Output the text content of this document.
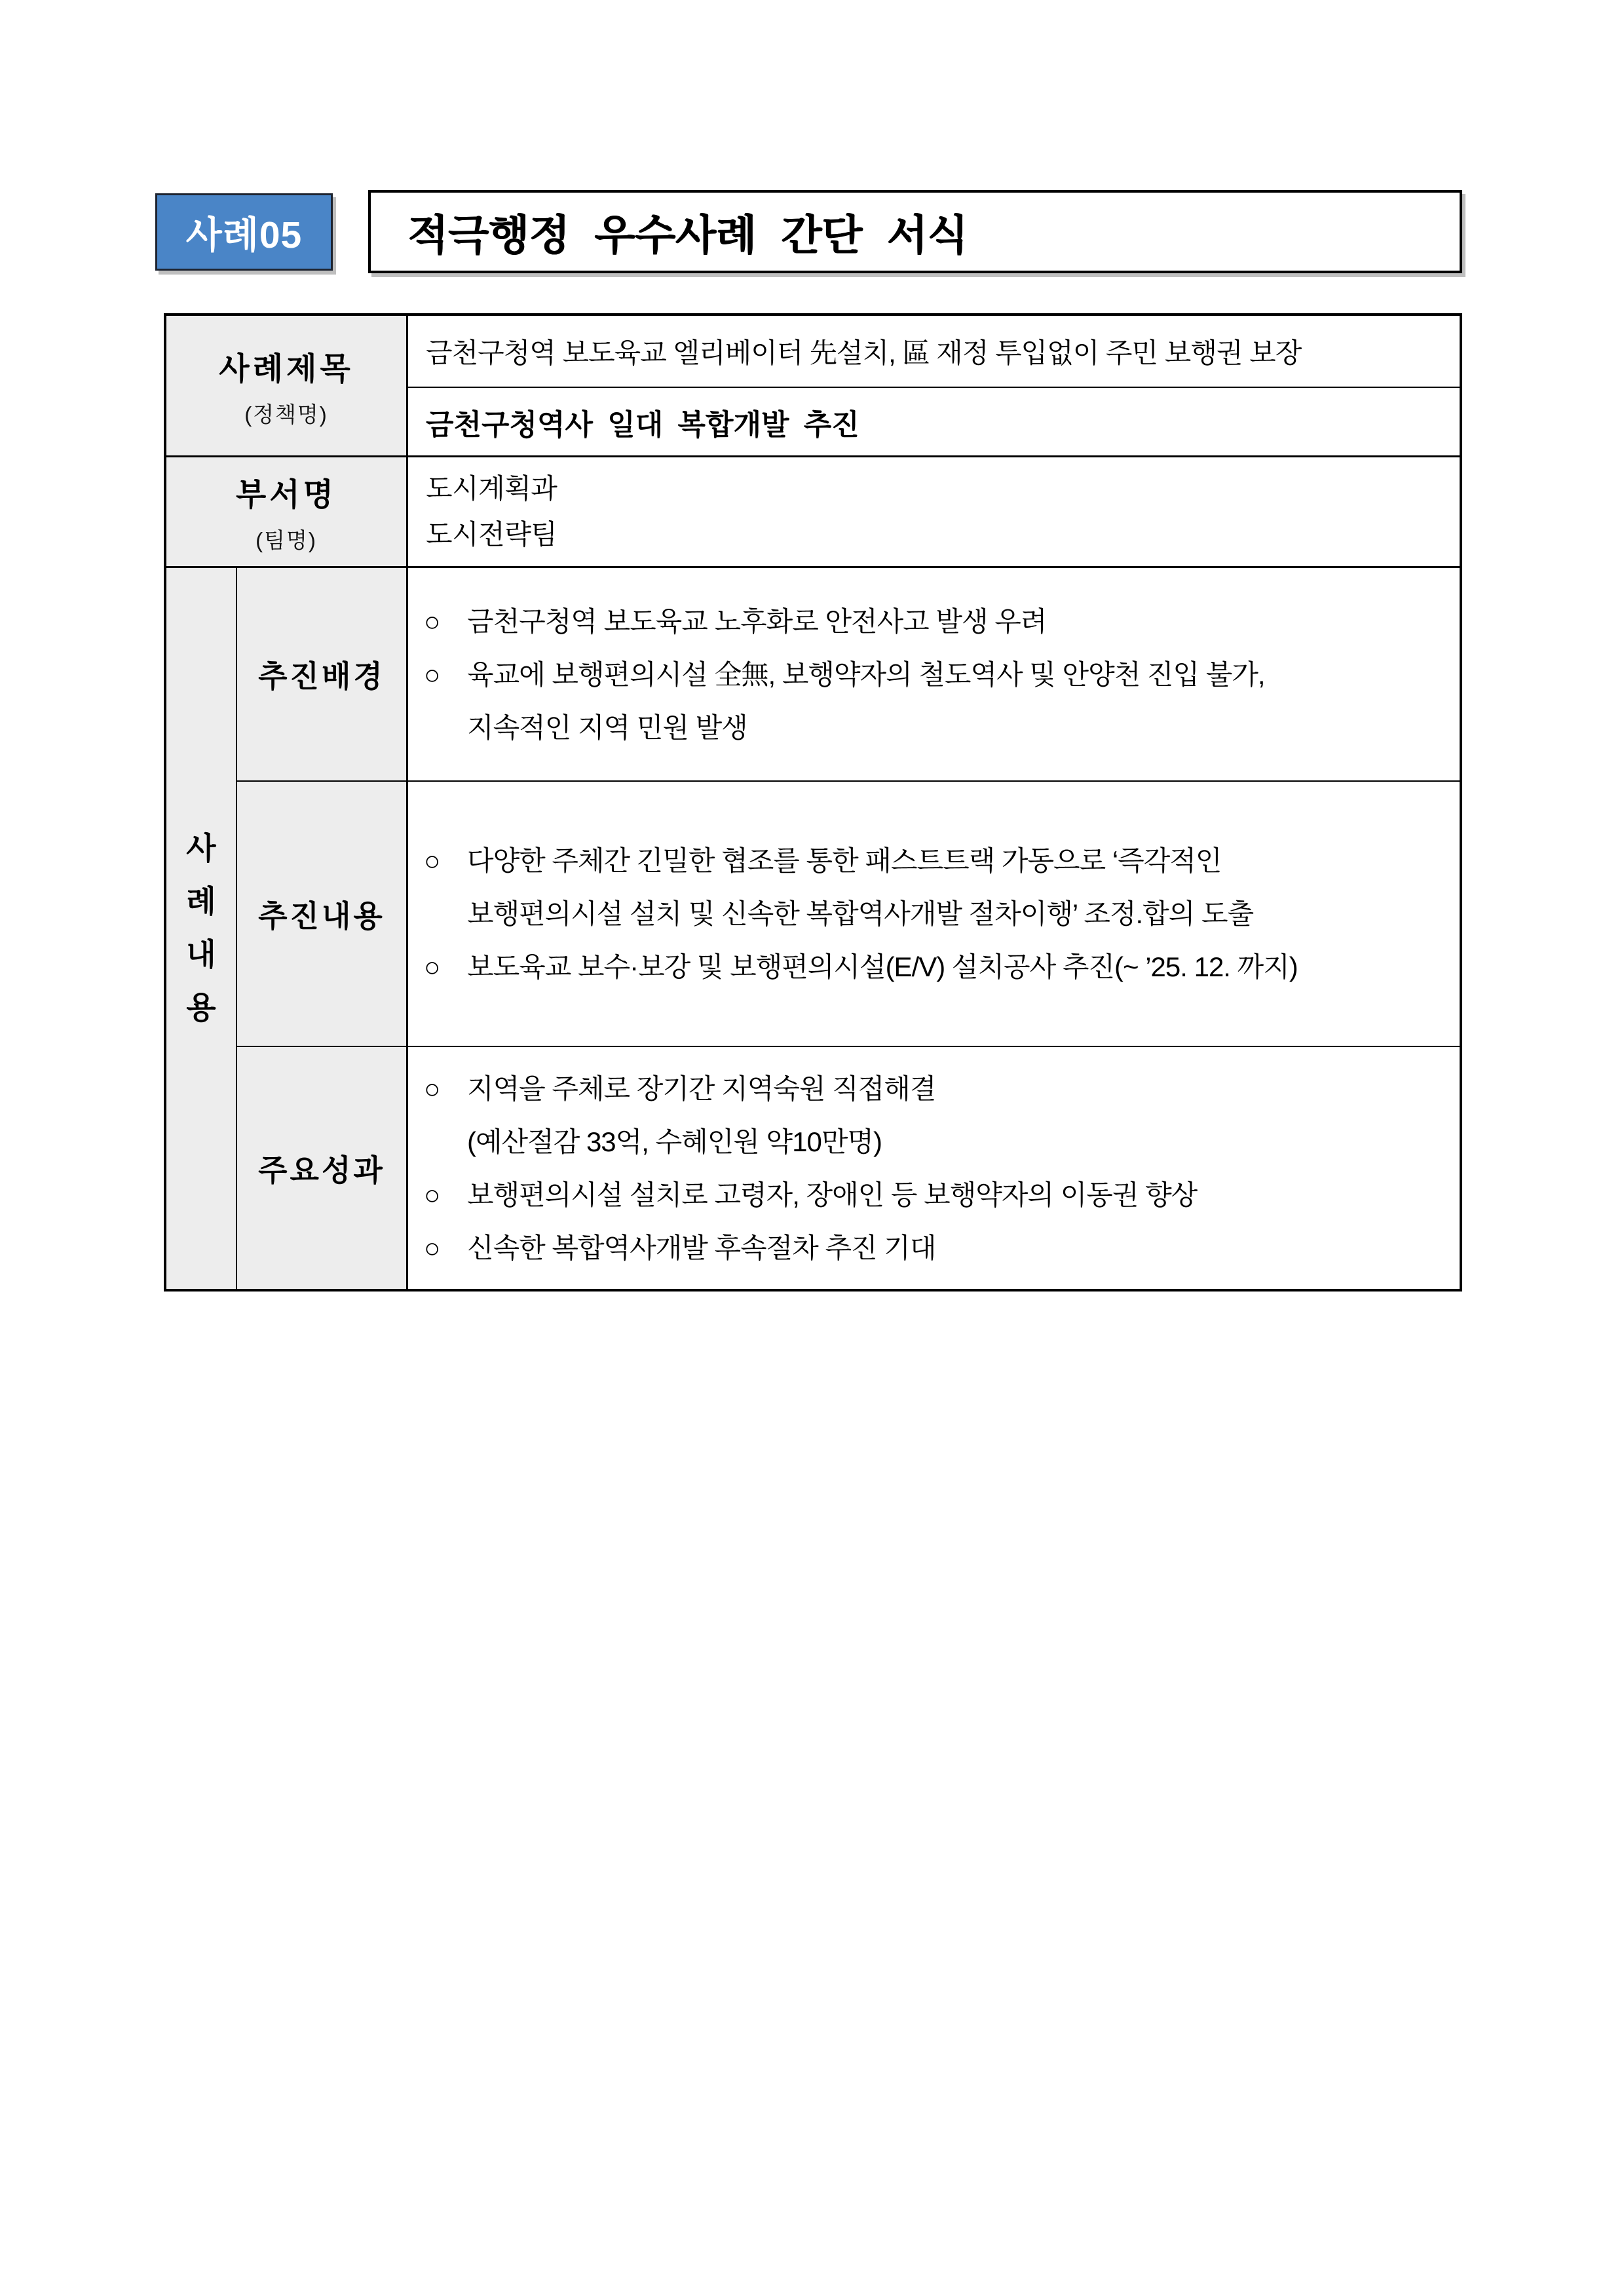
사례05	적극행정 우수사례 간단 서식
사례제목
(정책명)
금천구청역 보도육교 엘리베이터 先설치, 區 재정 투입없이 주민 보행권 보장
금천구청역사 일대 복합개발 추진
부서명
(팀명)
도시계획과
도시전략팀
사례내용
추진배경
○ 금천구청역 보도육교 노후화로 안전사고 발생 우려
○ 육교에 보행편의시설 全無, 보행약자의 철도역사 및 안양천 진입 불가,
지속적인 지역 민원 발생
추진내용
○ 다양한 주체간 긴밀한 협조를 통한 패스트트랙 가동으로 ‘즉각적인
보행편의시설 설치 및 신속한 복합역사개발 절차이행’ 조정.합의 도출
○ 보도육교 보수·보강 및 보행편의시설(E/V) 설치공사 추진(~ ’25. 12. 까지)
주요성과
○ 지역을 주체로 장기간 지역숙원 직접해결
(예산절감 33억, 수혜인원 약10만명)
○ 보행편의시설 설치로 고령자, 장애인 등 보행약자의 이동권 향상
○ 신속한 복합역사개발 후속절차 추진 기대
